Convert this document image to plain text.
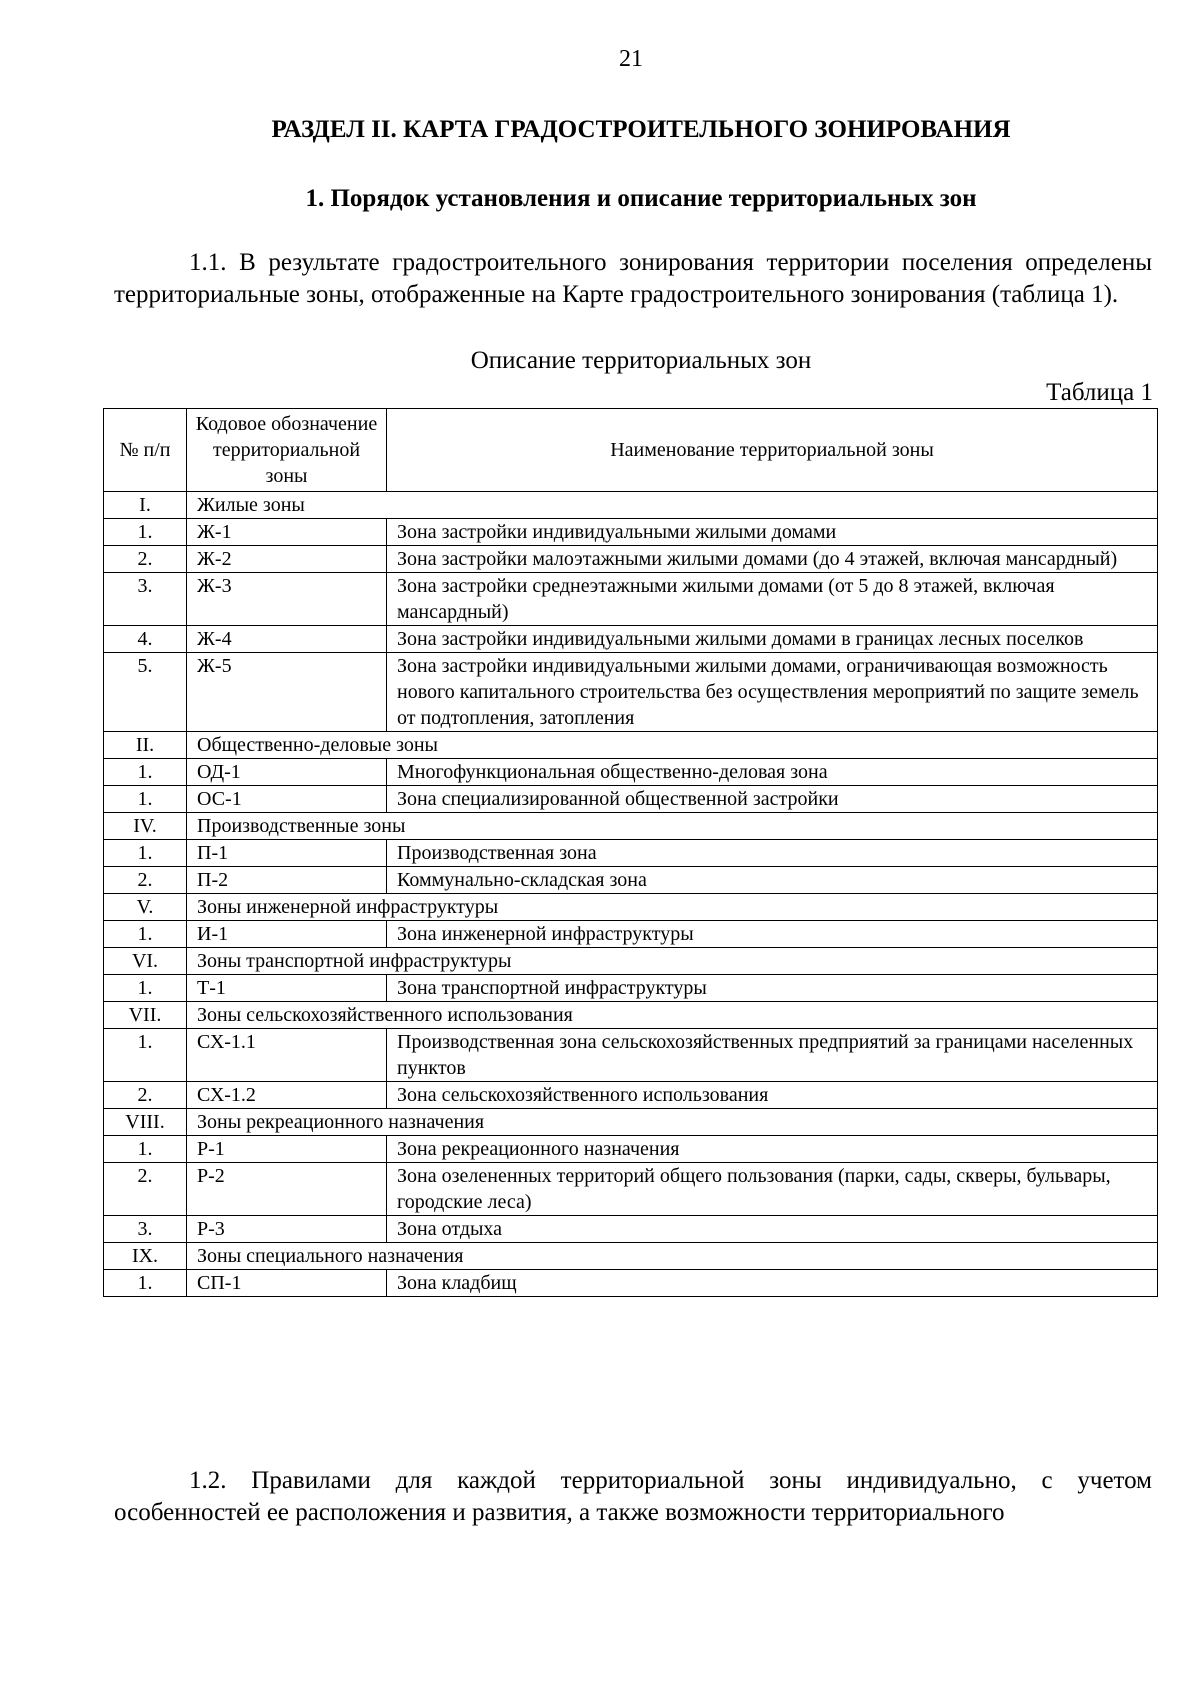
21
РАЗДЕЛ II. КАРТА ГРАДОСТРОИТЕЛЬНОГО ЗОНИРОВАНИЯ
1. Порядок установления и описание территориальных зон
1.1. В результате градостроительного зонирования территории поселения определены территориальные зоны, отображенные на Карте градостроительного зонирования (таблица 1).
Описание территориальных зон
Таблица 1
№ п/п	Кодовое обозначение территориальной зоны	Наименование территориальной зоны
I.	Жилые зоны	
1.	Ж-1	Зона застройки индивидуальными жилыми домами
2.	Ж-2	Зона застройки малоэтажными жилыми домами (до 4 этажей, включая мансардный)
3.	Ж-3	Зона застройки среднеэтажными жилыми домами (от 5 до 8 этажей, включая мансардный)
4.	Ж-4	Зона застройки индивидуальными жилыми домами в границах лесных поселков
5.	Ж-5	Зона застройки индивидуальными жилыми домами, ограничивающая возможность нового капитального строительства без осуществления мероприятий по защите земель от подтопления, затопления
II.	Общественно-деловые зоны	
1.	ОД-1	Многофункциональная общественно-деловая зона
1.	ОС-1	Зона специализированной общественной застройки
IV.	Производственные зоны	
1.	П-1	Производственная зона
2.	П-2	Коммунально-складская зона
V.	Зоны инженерной инфраструктуры	
1.	И-1	Зона инженерной инфраструктуры
VI.	Зоны транспортной инфраструктуры	
1.	Т-1	Зона транспортной инфраструктуры
VII.	Зоны сельскохозяйственного использования	
1.	СХ-1.1	Производственная зона сельскохозяйственных предприятий за границами населенных пунктов
2.	СХ-1.2	Зона сельскохозяйственного использования
VIII.	Зоны рекреационного назначения	
1.	Р-1	Зона рекреационного назначения
2.	Р-2	Зона озелененных территорий общего пользования (парки, сады, скверы, бульвары, городские леса)
3.	Р-3	Зона отдыха
IX.	Зоны специального назначения	
1.	СП-1	Зона кладбищ
1.2. Правилами для каждой территориальной зоны индивидуально, с учетом особенностей ее расположения и развития, а также возможности территориального
